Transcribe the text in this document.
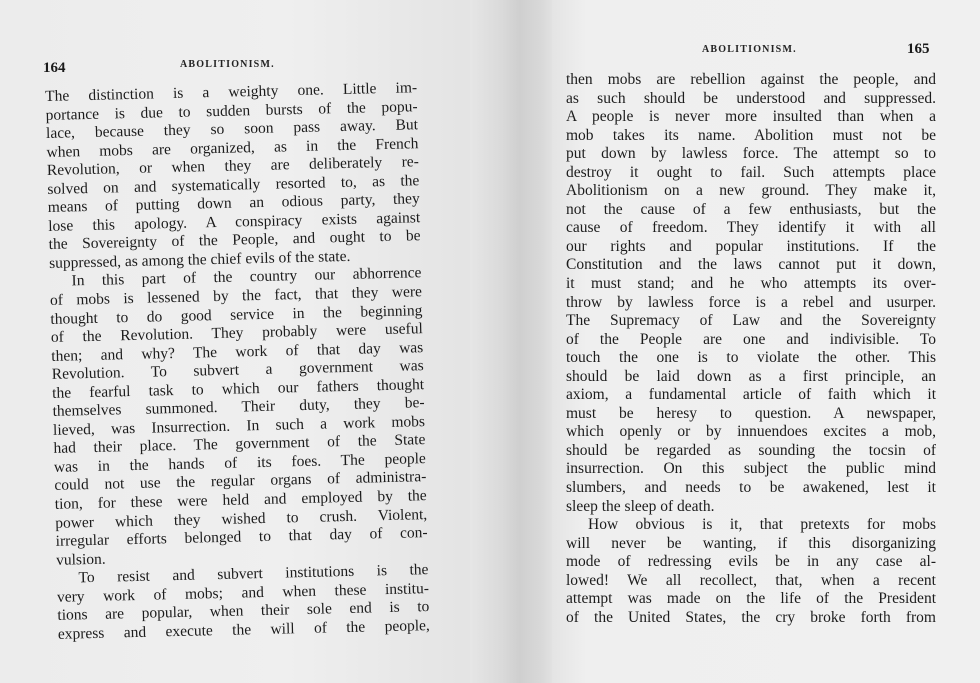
164	ABOLITIONISM.
The distinction is a weighty one. Little im-
portance is due to sudden bursts of the popu-
lace, because they so soon pass away. But
when mobs are organized, as in the French
Revolution, or when they are deliberately re-
solved on and systematically resorted to, as the
means of putting down an odious party, they
lose this apology. A conspiracy exists against
the Sovereignty of the People, and ought to be
suppressed, as among the chief evils of the state.
In this part of the country our abhorrence
of mobs is lessened by the fact, that they were
thought to do good service in the beginning
of the Revolution. They probably were useful
then; and why? The work of that day was
Revolution. To subvert a government was
the fearful task to which our fathers thought
themselves summoned. Their duty, they be-
lieved, was Insurrection. In such a work mobs
had their place. The government of the State
was in the hands of its foes. The people
could not use the regular organs of administra-
tion, for these were held and employed by the
power which they wished to crush. Violent,
irregular efforts belonged to that day of con-
vulsion.
To resist and subvert institutions is the
very work of mobs; and when these institu-
tions are popular, when their sole end is to
express and execute the will of the people,
ABOLITIONISM.	165
then mobs are rebellion against the people, and
as such should be understood and suppressed.
A people is never more insulted than when a
mob takes its name. Abolition must not be
put down by lawless force. The attempt so to
destroy it ought to fail. Such attempts place
Abolitionism on a new ground. They make it,
not the cause of a few enthusiasts, but the
cause of freedom. They identify it with all
our rights and popular institutions. If the
Constitution and the laws cannot put it down,
it must stand; and he who attempts its over-
throw by lawless force is a rebel and usurper.
The Supremacy of Law and the Sovereignty
of the People are one and indivisible. To
touch the one is to violate the other. This
should be laid down as a first principle, an
axiom, a fundamental article of faith which it
must be heresy to question. A newspaper,
which openly or by innuendoes excites a mob,
should be regarded as sounding the tocsin of
insurrection. On this subject the public mind
slumbers, and needs to be awakened, lest it
sleep the sleep of death.
How obvious is it, that pretexts for mobs
will never be wanting, if this disorganizing
mode of redressing evils be in any case al-
lowed! We all recollect, that, when a recent
attempt was made on the life of the President
of the United States, the cry broke forth from
